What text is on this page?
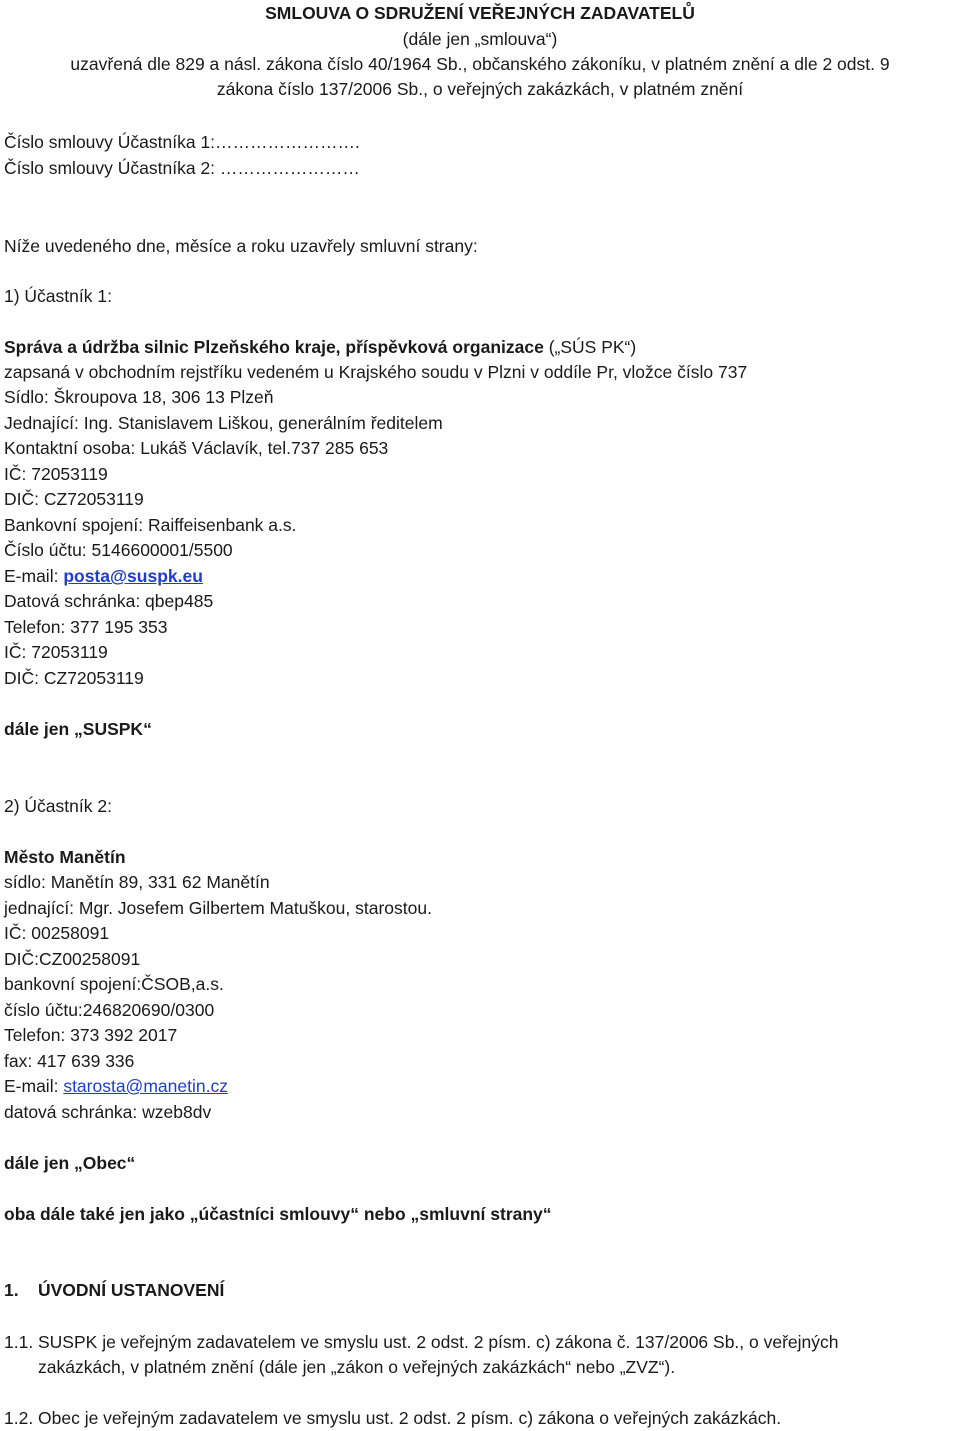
SMLOUVA O SDRUŽENÍ VEŘEJNÝCH ZADAVATELŮ
(dále jen „smlouva“)
uzavřená dle 829 a násl. zákona číslo 40/1964 Sb., občanského zákoníku, v platném znění a dle 2 odst. 9
zákona číslo 137/2006 Sb., o veřejných zakázkách, v platném znění
Číslo smlouvy Účastníka 1:…………………….
Číslo smlouvy Účastníka 2: ……………………
Níže uvedeného dne, měsíce a roku uzavřely smluvní strany:
1) Účastník 1:
Správa a údržba silnic Plzeňského kraje, příspěvková organizace („SÚS PK“)
zapsaná v obchodním rejstříku vedeném u Krajského soudu v Plzni v oddíle Pr, vložce číslo 737
Sídlo: Škroupova 18, 306 13 Plzeň
Jednající: Ing. Stanislavem Liškou, generálním ředitelem
Kontaktní osoba: Lukáš Václavík, tel.737 285 653
IČ: 72053119
DIČ: CZ72053119
Bankovní spojení: Raiffeisenbank a.s.
Číslo účtu: 5146600001/5500
E-mail: posta@suspk.eu
Datová schránka: qbep485
Telefon: 377 195 353
IČ: 72053119
DIČ: CZ72053119
dále jen „SUSPK“
2) Účastník 2:
Město Manětín
sídlo: Manětín 89, 331 62 Manětín
jednající: Mgr. Josefem Gilbertem Matuškou, starostou.
IČ: 00258091
DIČ:CZ00258091
bankovní spojení:ČSOB,a.s.
číslo účtu:246820690/0300
Telefon: 373 392 2017
fax: 417 639 336
E-mail: starosta@manetin.cz
datová schránka: wzeb8dv
dále jen „Obec“
oba dále také jen jako „účastníci smlouvy“ nebo „smluvní strany“
1. ÚVODNÍ USTANOVENÍ
1.1. SUSPK je veřejným zadavatelem ve smyslu ust. 2 odst. 2 písm. c) zákona č. 137/2006 Sb., o veřejných
zakázkách, v platném znění (dále jen „zákon o veřejných zakázkách“ nebo „ZVZ“).
1.2. Obec je veřejným zadavatelem ve smyslu ust. 2 odst. 2 písm. c) zákona o veřejných zakázkách.
